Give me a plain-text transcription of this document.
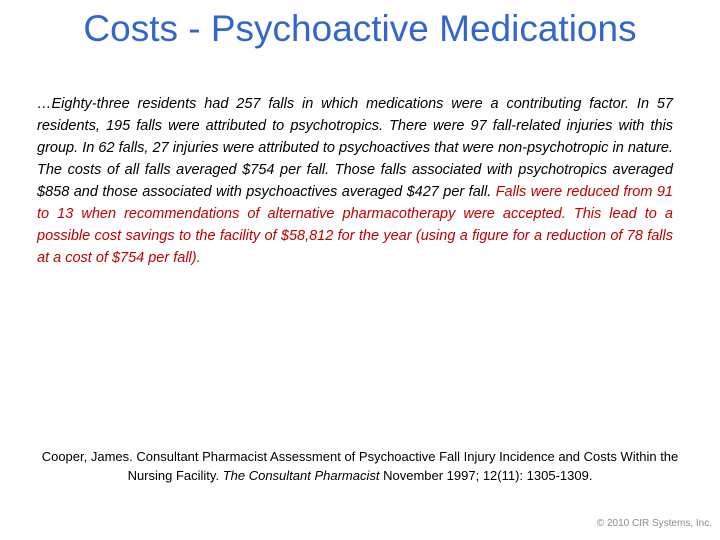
Costs - Psychoactive Medications
…Eighty-three residents had 257 falls in which medications were a contributing factor. In 57 residents, 195 falls were attributed to psychotropics. There were 97 fall-related injuries with this group. In 62 falls, 27 injuries were attributed to psychoactives that were non-psychotropic in nature. The costs of all falls averaged $754 per fall. Those falls associated with psychotropics averaged $858 and those associated with psychoactives averaged $427 per fall. Falls were reduced from 91 to 13 when recommendations of alternative pharmacotherapy were accepted. This lead to a possible cost savings to the facility of $58,812 for the year (using a figure for a reduction of 78 falls at a cost of $754 per fall).
Cooper, James. Consultant Pharmacist Assessment of Psychoactive Fall Injury Incidence and Costs Within the Nursing Facility. The Consultant Pharmacist November 1997; 12(11): 1305-1309.
© 2010 CIR Systems, Inc.
